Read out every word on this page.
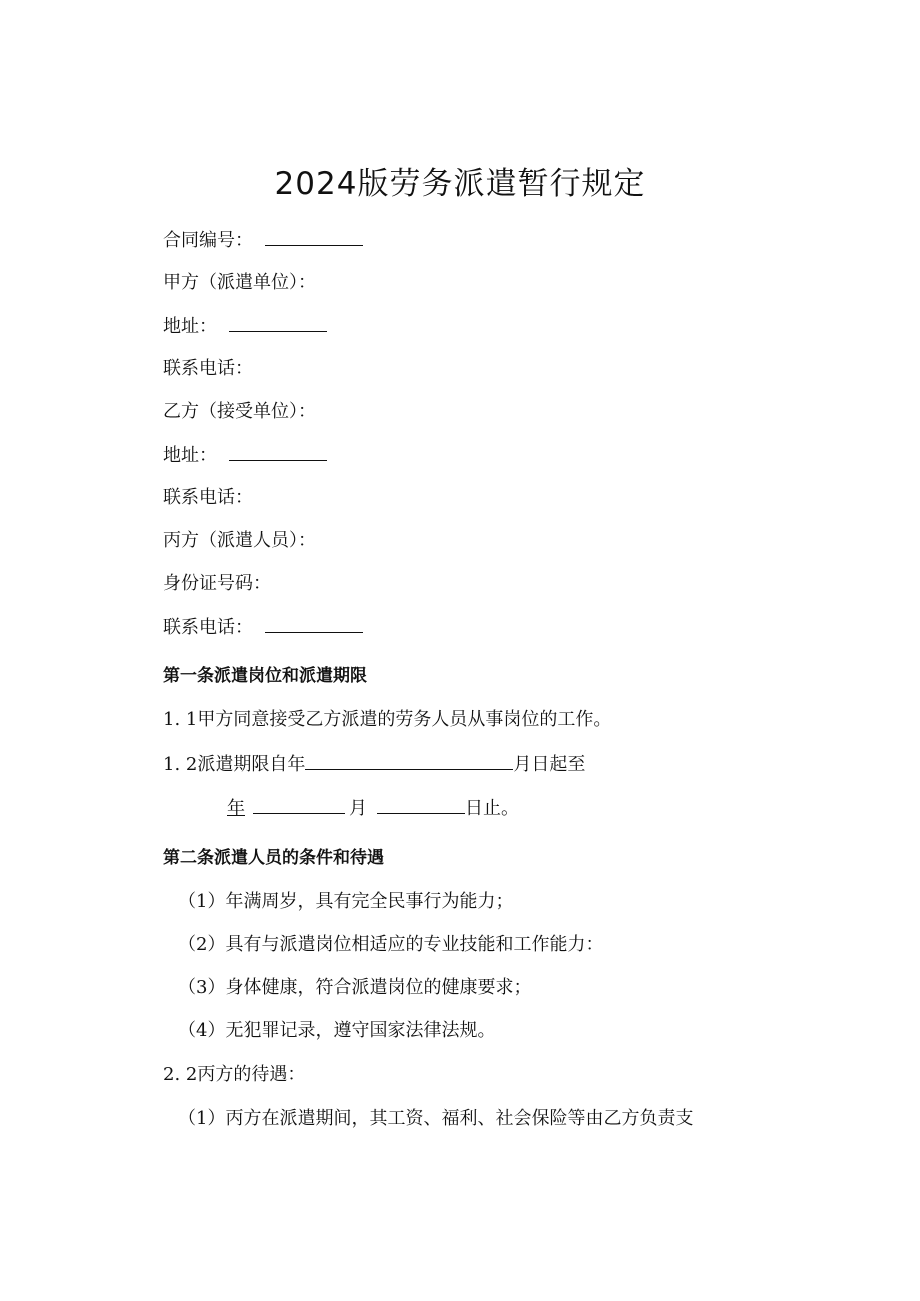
2024版劳务派遣暂行规定
合同编号：
甲方（派遣单位）：
地址：
联系电话：
乙方（接受单位）：
地址：
联系电话：
丙方（派遣人员）：
身份证号码：
联系电话：
第一条派遣岗位和派遣期限
1. 1甲方同意接受乙方派遣的劳务人员从事岗位的工作。
1. 2派遣期限自年	月日起至
年	月	日止。
第二条派遣人员的条件和待遇
（1）年满周岁，具有完全民事行为能力；
（2）具有与派遣岗位相适应的专业技能和工作能力：
（3）身体健康，符合派遣岗位的健康要求；
（4）无犯罪记录，遵守国家法律法规。
2. 2丙方的待遇：
（1）丙方在派遣期间，其工资、福利、社会保险等由乙方负责支
